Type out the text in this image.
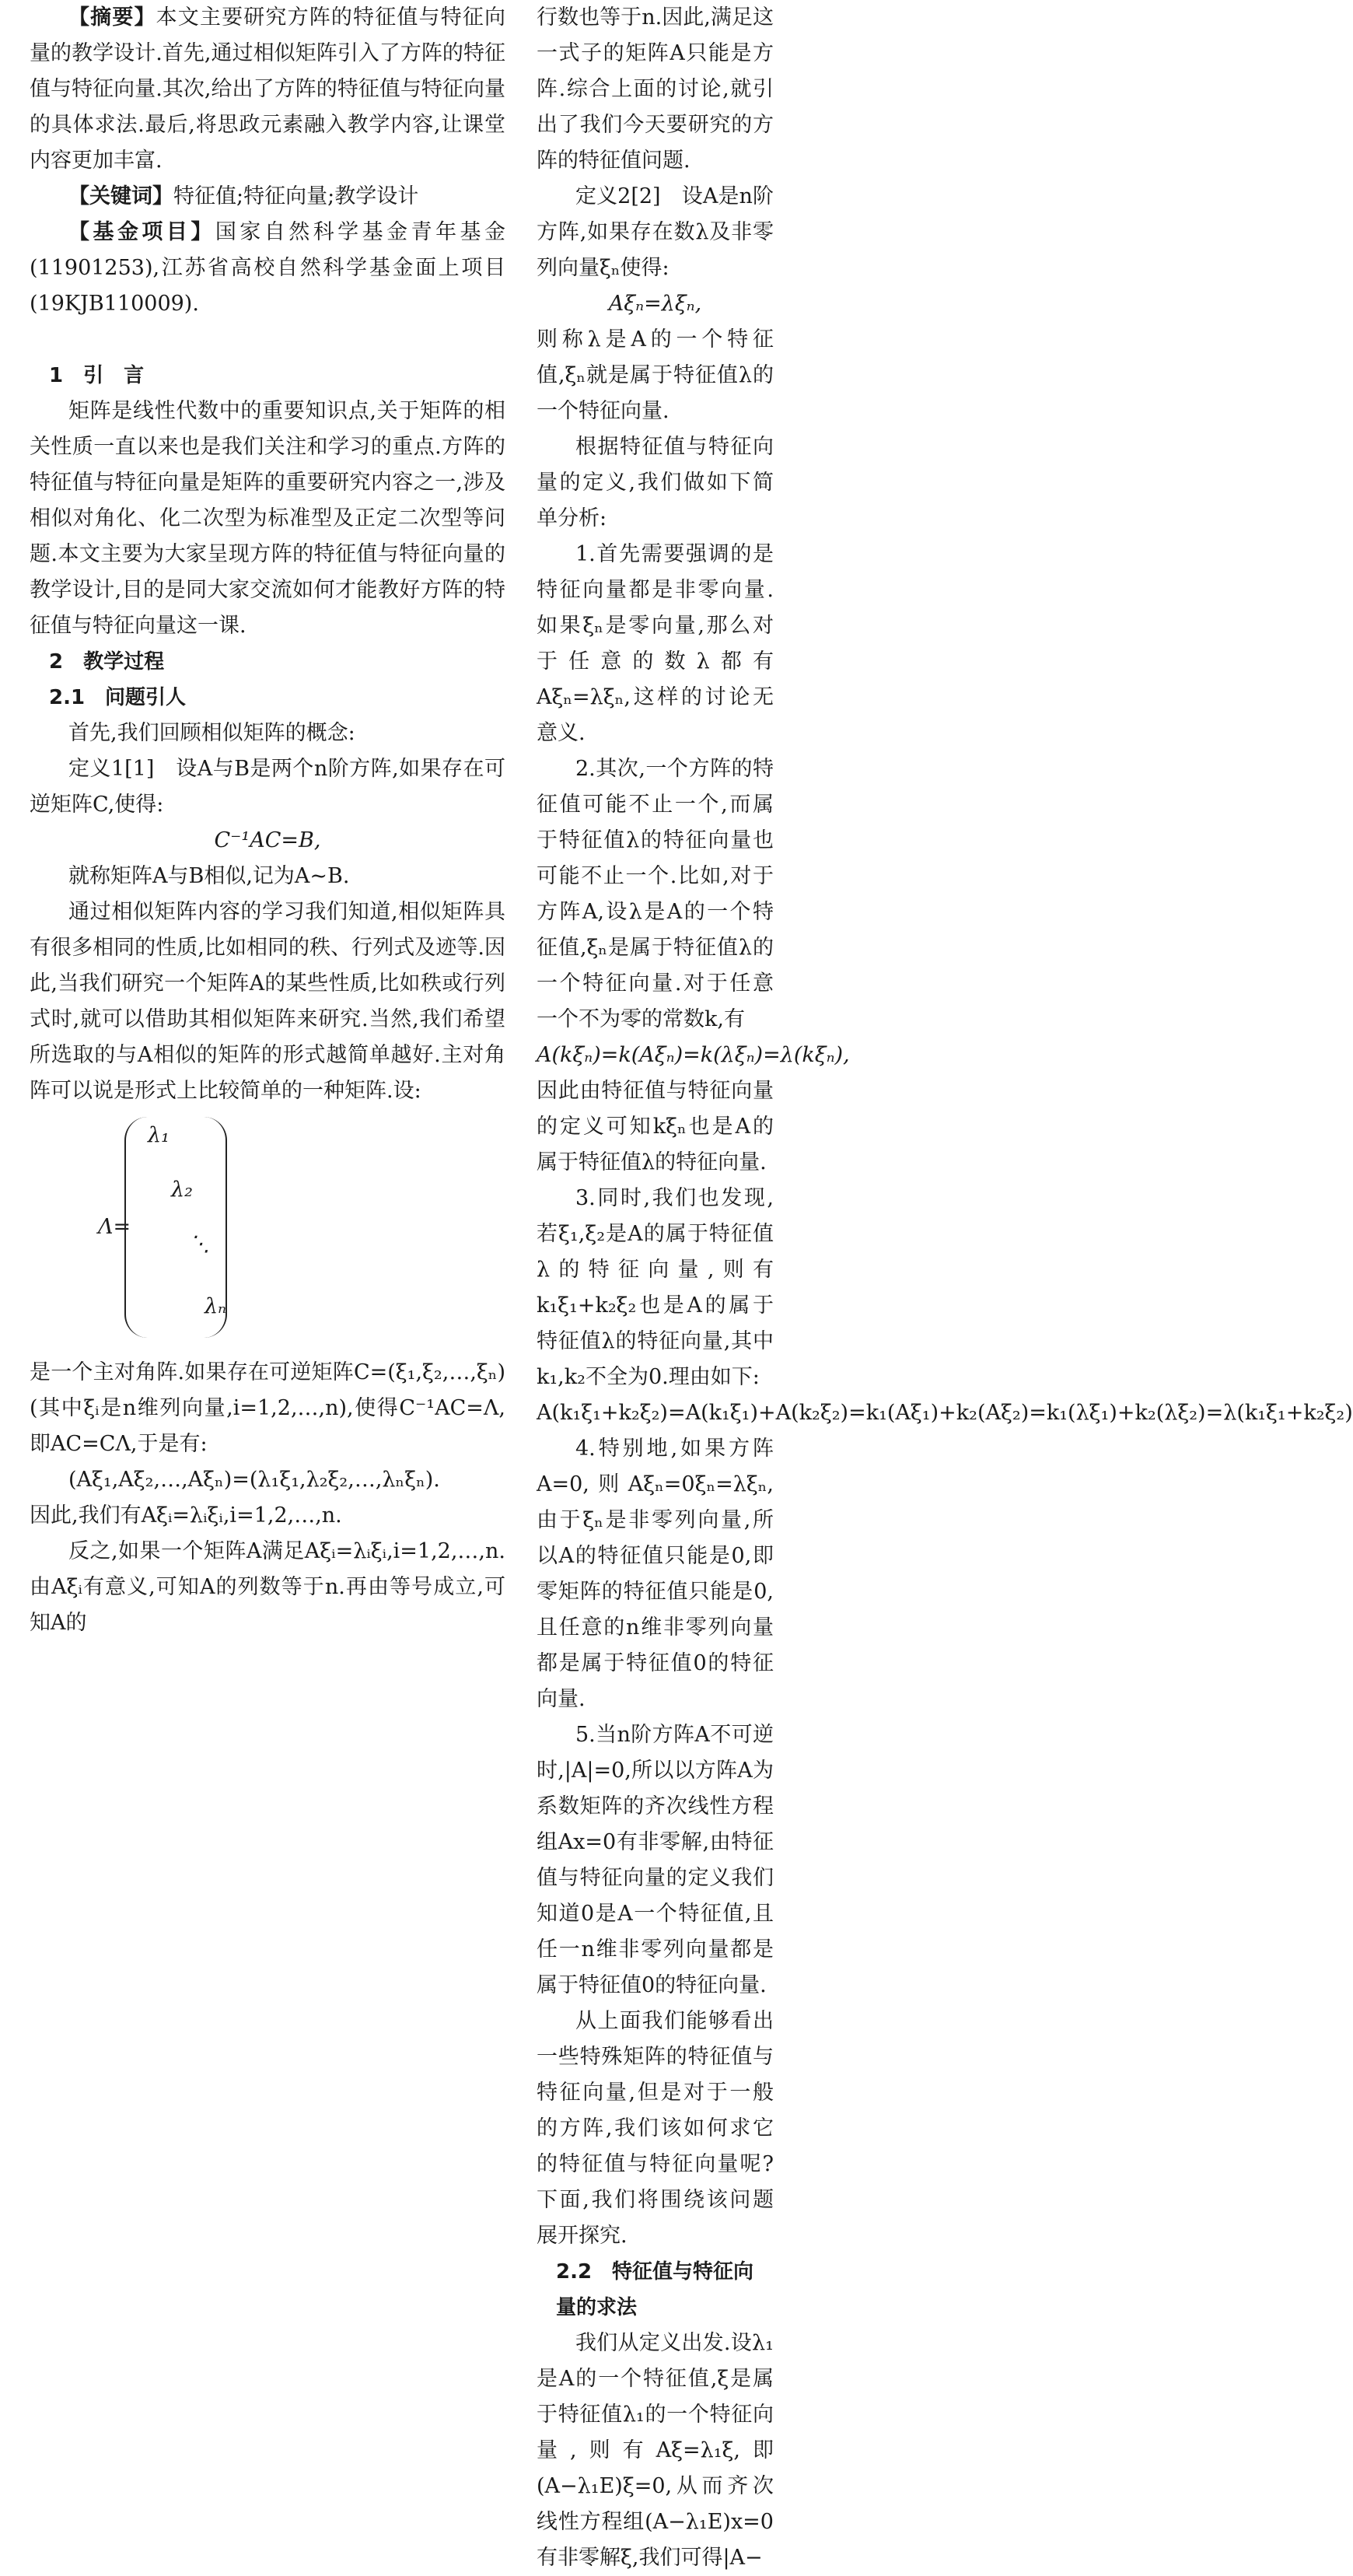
【摘要】本文主要研究方阵的特征值与特征向量的教学设计.首先,通过相似矩阵引入了方阵的特征值与特征向量.其次,给出了方阵的特征值与特征向量的具体求法.最后,将思政元素融入教学内容,让课堂内容更加丰富.

【关键词】特征值;特征向量;教学设计

【基金项目】国家自然科学基金青年基金(11901253),江苏省高校自然科学基金面上项目(19KJB110009).

1　引　言

矩阵是线性代数中的重要知识点,关于矩阵的相关性质一直以来也是我们关注和学习的重点.方阵的特征值与特征向量是矩阵的重要研究内容之一,涉及相似对角化、化二次型为标准型及正定二次型等问题.本文主要为大家呈现方阵的特征值与特征向量的教学设计,目的是同大家交流如何才能教好方阵的特征值与特征向量这一课.

2　教学过程
2.1　问题引人

首先,我们回顾相似矩阵的概念:

定义1[1]　设A与B是两个n阶方阵,如果存在可逆矩阵C,使得:

C⁻¹AC=B,

就称矩阵A与B相似,记为A~B.

通过相似矩阵内容的学习我们知道,相似矩阵具有很多相同的性质,比如相同的秩、行列式及迹等.因此,当我们研究一个矩阵A的某些性质,比如秩或行列式时,就可以借助其相似矩阵来研究.当然,我们希望所选取的与A相似的矩阵的形式越简单越好.主对角阵可以说是形式上比较简单的一种矩阵.设:

Λ=
λ₁
λ₂
⋱
λₙ

是一个主对角阵.如果存在可逆矩阵C=(ξ₁,ξ₂,…,ξₙ)(其中ξᵢ是n维列向量,i=1,2,…,n),使得C⁻¹AC=Λ,即AC=CΛ,于是有:

(Aξ₁,Aξ₂,…,Aξₙ)=(λ₁ξ₁,λ₂ξ₂,…,λₙξₙ).

因此,我们有Aξᵢ=λᵢξᵢ,i=1,2,…,n.

反之,如果一个矩阵A满足Aξᵢ=λᵢξᵢ,i=1,2,…,n.由Aξᵢ有意义,可知A的列数等于n.再由等号成立,可知A的

行数也等于n.因此,满足这一式子的矩阵A只能是方阵.综合上面的讨论,就引出了我们今天要研究的方阵的特征值问题.

定义2[2]　设A是n阶方阵,如果存在数λ及非零列向量ξₙ使得:

Aξₙ=λξₙ,

则称λ是A的一个特征值,ξₙ就是属于特征值λ的一个特征向量.

根据特征值与特征向量的定义,我们做如下简单分析:

1.首先需要强调的是特征向量都是非零向量.如果ξₙ是零向量,那么对于任意的数λ都有Aξₙ=λξₙ,这样的讨论无意义.

2.其次,一个方阵的特征值可能不止一个,而属于特征值λ的特征向量也可能不止一个.比如,对于方阵A,设λ是A的一个特征值,ξₙ是属于特征值λ的一个特征向量.对于任意一个不为零的常数k,有

A(kξₙ)=k(Aξₙ)=k(λξₙ)=λ(kξₙ),

因此由特征值与特征向量的定义可知kξₙ也是A的属于特征值λ的特征向量.

3.同时,我们也发现,若ξ₁,ξ₂是A的属于特征值λ的特征向量,则有k₁ξ₁+k₂ξ₂也是A的属于特征值λ的特征向量,其中k₁,k₂不全为0.理由如下:

A(k₁ξ₁+k₂ξ₂)=A(k₁ξ₁)+A(k₂ξ₂)=k₁(Aξ₁)+k₂(Aξ₂)=k₁(λξ₁)+k₂(λξ₂)=λ(k₁ξ₁+k₂ξ₂)

4.特别地,如果方阵A=0,则Aξₙ=0ξₙ=λξₙ,由于ξₙ是非零列向量,所以A的特征值只能是0,即零矩阵的特征值只能是0,且任意的n维非零列向量都是属于特征值0的特征向量.

5.当n阶方阵A不可逆时,|A|=0,所以以方阵A为系数矩阵的齐次线性方程组Ax=0有非零解,由特征值与特征向量的定义我们知道0是A一个特征值,且任一n维非零列向量都是属于特征值0的特征向量.

从上面我们能够看出一些特殊矩阵的特征值与特征向量,但是对于一般的方阵,我们该如何求它的特征值与特征向量呢?下面,我们将围绕该问题展开探究.

2.2　特征值与特征向量的求法

我们从定义出发.设λ₁是A的一个特征值,ξ是属于特征值λ₁的一个特征向量,则有Aξ=λ₁ξ,即(A−λ₁E)ξ=0,从而齐次线性方程组(A−λ₁E)x=0有非零解ξ,我们可得|A−
